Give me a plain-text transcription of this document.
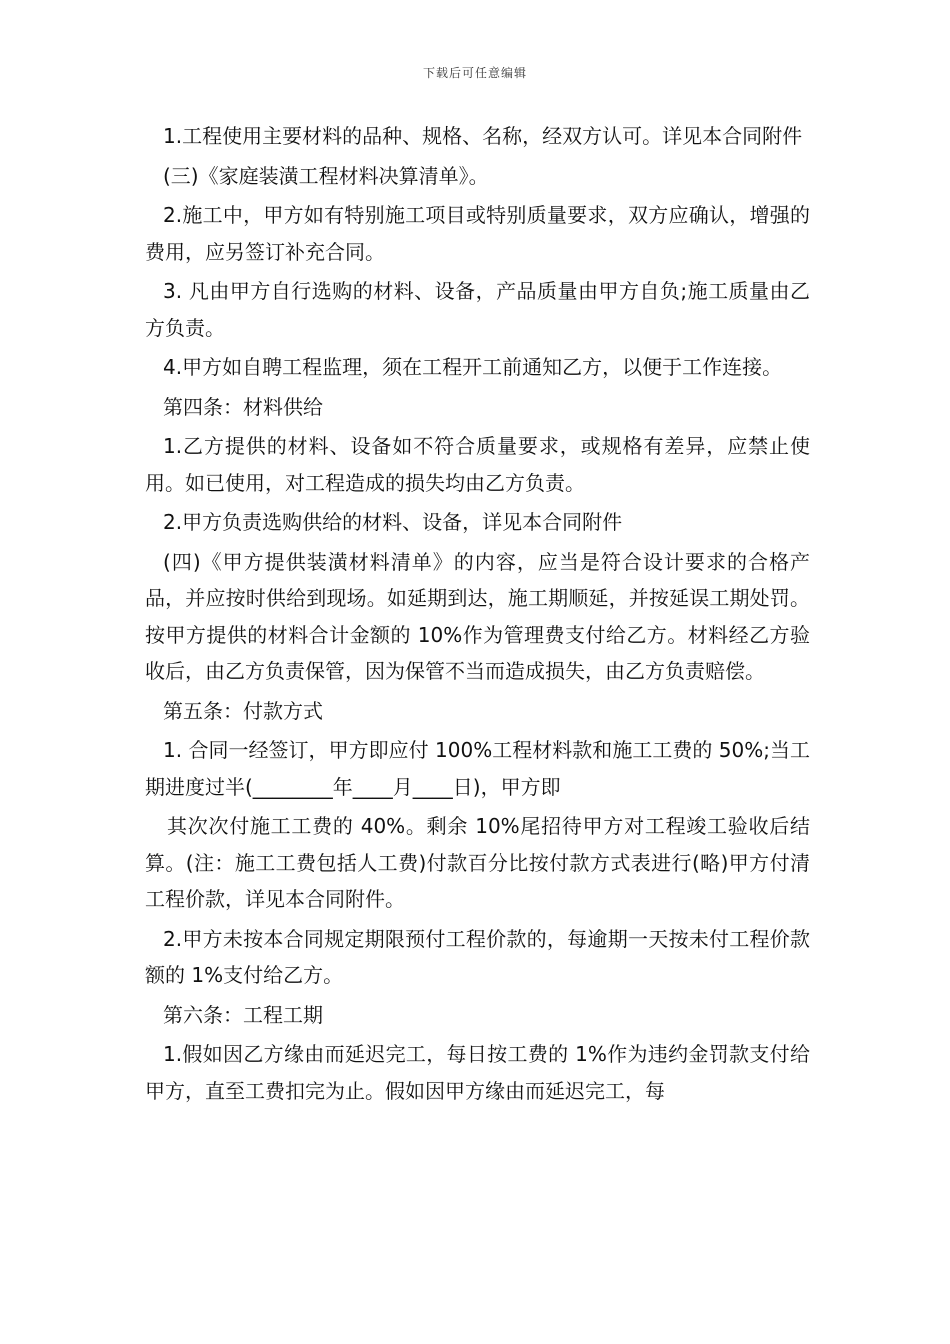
下载后可任意编辑

1.工程使用主要材料的品种、规格、名称，经双方认可。详见本合同附件

(三)《家庭装潢工程材料决算清单》。

2.施工中，甲方如有特别施工项目或特别质量要求，双方应确认，增强的费用，应另签订补充合同。

3. 凡由甲方自行选购的材料、设备，产品质量由甲方自负;施工质量由乙方负责。

4.甲方如自聘工程监理，须在工程开工前通知乙方，以便于工作连接。

第四条：材料供给

1.乙方提供的材料、设备如不符合质量要求，或规格有差异，应禁止使用。如已使用，对工程造成的损失均由乙方负责。

2.甲方负责选购供给的材料、设备，详见本合同附件

(四)《甲方提供装潢材料清单》的内容，应当是符合设计要求的合格产品，并应按时供给到现场。如延期到达，施工期顺延，并按延误工期处罚。按甲方提供的材料合计金额的 10%作为管理费支付给乙方。材料经乙方验收后，由乙方负责保管，因为保管不当而造成损失，由乙方负责赔偿。

第五条：付款方式

1. 合同一经签订，甲方即应付 100%工程材料款和施工工费的 50%;当工期进度过半(________年____月____日)，甲方即

其次次付施工工费的 40%。剩余 10%尾招待甲方对工程竣工验收后结算。(注：施工工费包括人工费)付款百分比按付款方式表进行(略)甲方付清工程价款，详见本合同附件。

2.甲方未按本合同规定期限预付工程价款的，每逾期一天按未付工程价款额的 1%支付给乙方。

第六条：工程工期

1.假如因乙方缘由而延迟完工，每日按工费的 1%作为违约金罚款支付给甲方，直至工费扣完为止。假如因甲方缘由而延迟完工，每
